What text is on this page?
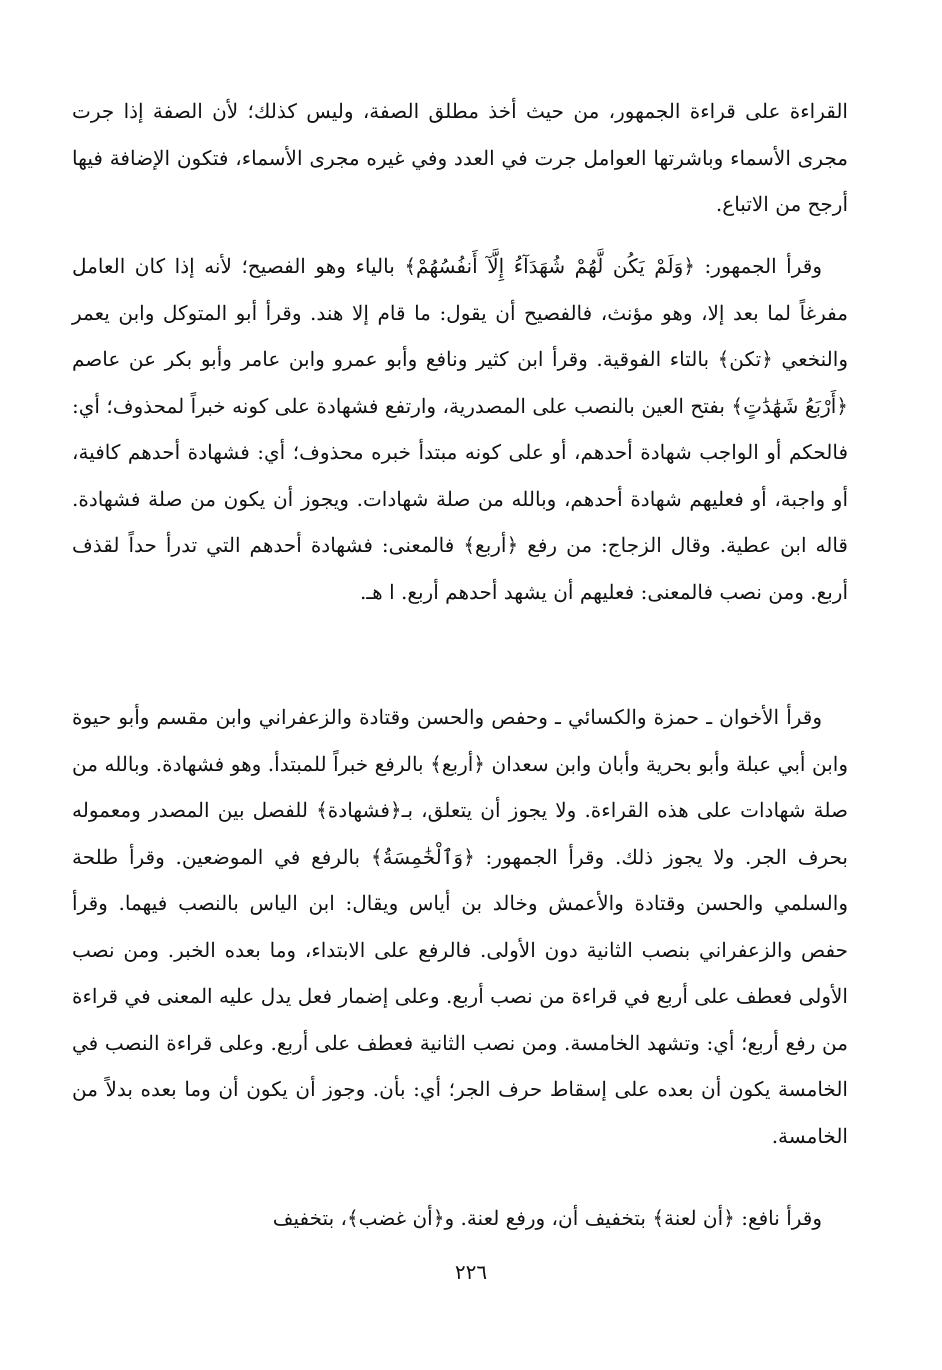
القراءة على قراءة الجمهور، من حيث أخذ مطلق الصفة، وليس كذلك؛ لأن الصفة إذا جرت مجرى الأسماء وباشرتها العوامل جرت في العدد وفي غيره مجرى الأسماء، فتكون الإضافة فيها أرجح من الاتباع.

وقرأ الجمهور: ﴿وَلَمْ يَكُن لَّهُمْ شُهَدَآءُ إِلَّآ أَنفُسُهُمْ﴾ بالياء وهو الفصيح؛ لأنه إذا كان العامل مفرغاً لما بعد إلا، وهو مؤنث، فالفصيح أن يقول: ما قام إلا هند. وقرأ أبو المتوكل وابن يعمر والنخعي ﴿تكن﴾ بالتاء الفوقية. وقرأ ابن كثير ونافع وأبو عمرو وابن عامر وأبو بكر عن عاصم ﴿أَرْبَعُ شَهَٰدَٰتٍ﴾ بفتح العين بالنصب على المصدرية، وارتفع فشهادة على كونه خبراً لمحذوف؛ أي: فالحكم أو الواجب شهادة أحدهم، أو على كونه مبتدأ خبره محذوف؛ أي: فشهادة أحدهم كافية، أو واجبة، أو فعليهم شهادة أحدهم، وبالله من صلة شهادات. ويجوز أن يكون من صلة فشهادة. قاله ابن عطية. وقال الزجاج: من رفع ﴿أربع﴾ فالمعنى: فشهادة أحدهم التي تدرأ حداً لقذف أربع. ومن نصب فالمعنى: فعليهم أن يشهد أحدهم أربع. ا هـ.

وقرأ الأخوان ـ حمزة والكسائي ـ وحفص والحسن وقتادة والزعفراني وابن مقسم وأبو حيوة وابن أبي عبلة وأبو بحرية وأبان وابن سعدان ﴿أربع﴾ بالرفع خبراً للمبتدأ. وهو فشهادة. وبالله من صلة شهادات على هذه القراءة. ولا يجوز أن يتعلق، بـ﴿فشهادة﴾ للفصل بين المصدر ومعموله بحرف الجر. ولا يجوز ذلك. وقرأ الجمهور: ﴿وَٱلْخَٰمِسَةُ﴾ بالرفع في الموضعين. وقرأ طلحة والسلمي والحسن وقتادة والأعمش وخالد بن أياس ويقال: ابن الياس بالنصب فيهما. وقرأ حفص والزعفراني بنصب الثانية دون الأولى. فالرفع على الابتداء، وما بعده الخبر. ومن نصب الأولى فعطف على أربع في قراءة من نصب أربع. وعلى إضمار فعل يدل عليه المعنى في قراءة من رفع أربع؛ أي: وتشهد الخامسة. ومن نصب الثانية فعطف على أربع. وعلى قراءة النصب في الخامسة يكون أن بعده على إسقاط حرف الجر؛ أي: بأن. وجوز أن يكون أن وما بعده بدلاً من الخامسة.

وقرأ نافع: ﴿أن لعنة﴾ بتخفيف أن، ورفع لعنة. و﴿أن غضب﴾، بتخفيف

٢٢٦
